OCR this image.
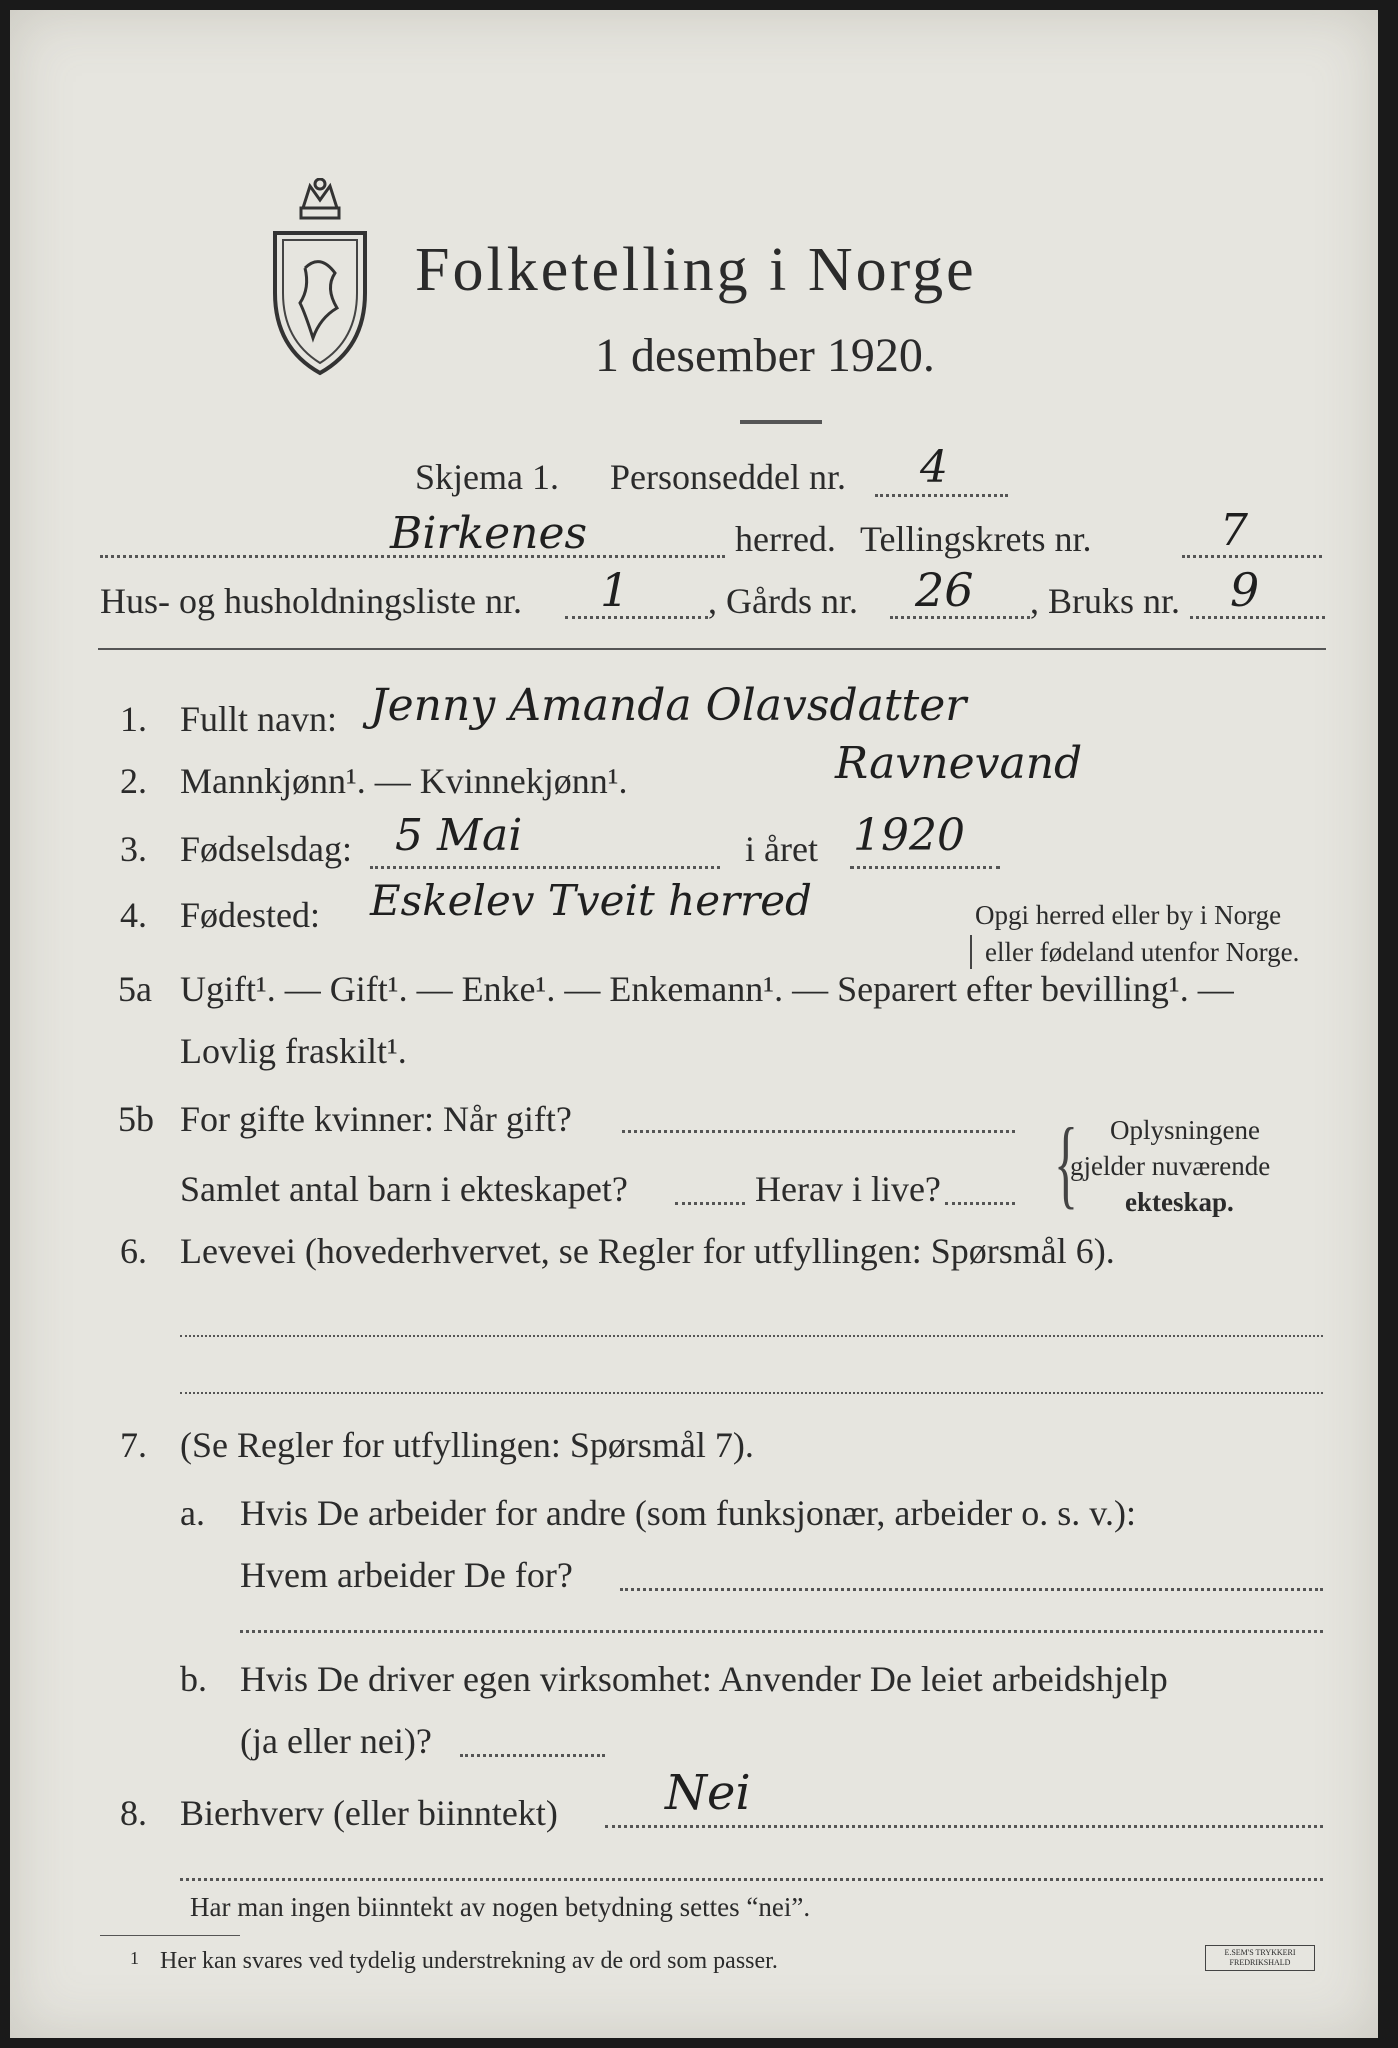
Folketelling i Norge
1 desember 1920.
Skjema 1. Personseddel nr. 4
Birkenes	herred. Tellingskrets nr.	7
Hus- og husholdningsliste nr. 1 , Gårds nr. 26 , Bruks nr. 9
1. Fullt navn: Jenny Amanda Olavsdatter
2. Mannkjønn¹. — Kvinnekjønn¹.	Ravnevand
3. Fødselsdag: 5 Mai	i året 1920
4. Fødested: Eskelev Tveit herred	Opgi herred eller by i Norge
eller fødeland utenfor Norge.
5a Ugift¹. — Gift¹. — Enke¹. — Enkemann¹. — Separert efter bevilling¹. —
Lovlig fraskilt¹.
5b For gifte kvinner: Når gift?
Samlet antal barn i ekteskapet?	Herav i live? { Oplysningene
gjelder nuværende
ekteskap.
6. Levevei (hovederhvervet, se Regler for utfyllingen: Spørsmål 6).
7. (Se Regler for utfyllingen: Spørsmål 7).
a. Hvis De arbeider for andre (som funksjonær, arbeider o. s. v.):
Hvem arbeider De for?
b. Hvis De driver egen virksomhet: Anvender De leiet arbeidshjelp
(ja eller nei)?
8. Bierhverv (eller biinntekt) Nei
Har man ingen biinntekt av nogen betydning settes “nei”.
1 Her kan svares ved tydelig understrekning av de ord som passer.	E.SEM'S TRYKKERI FREDRIKSHALD
